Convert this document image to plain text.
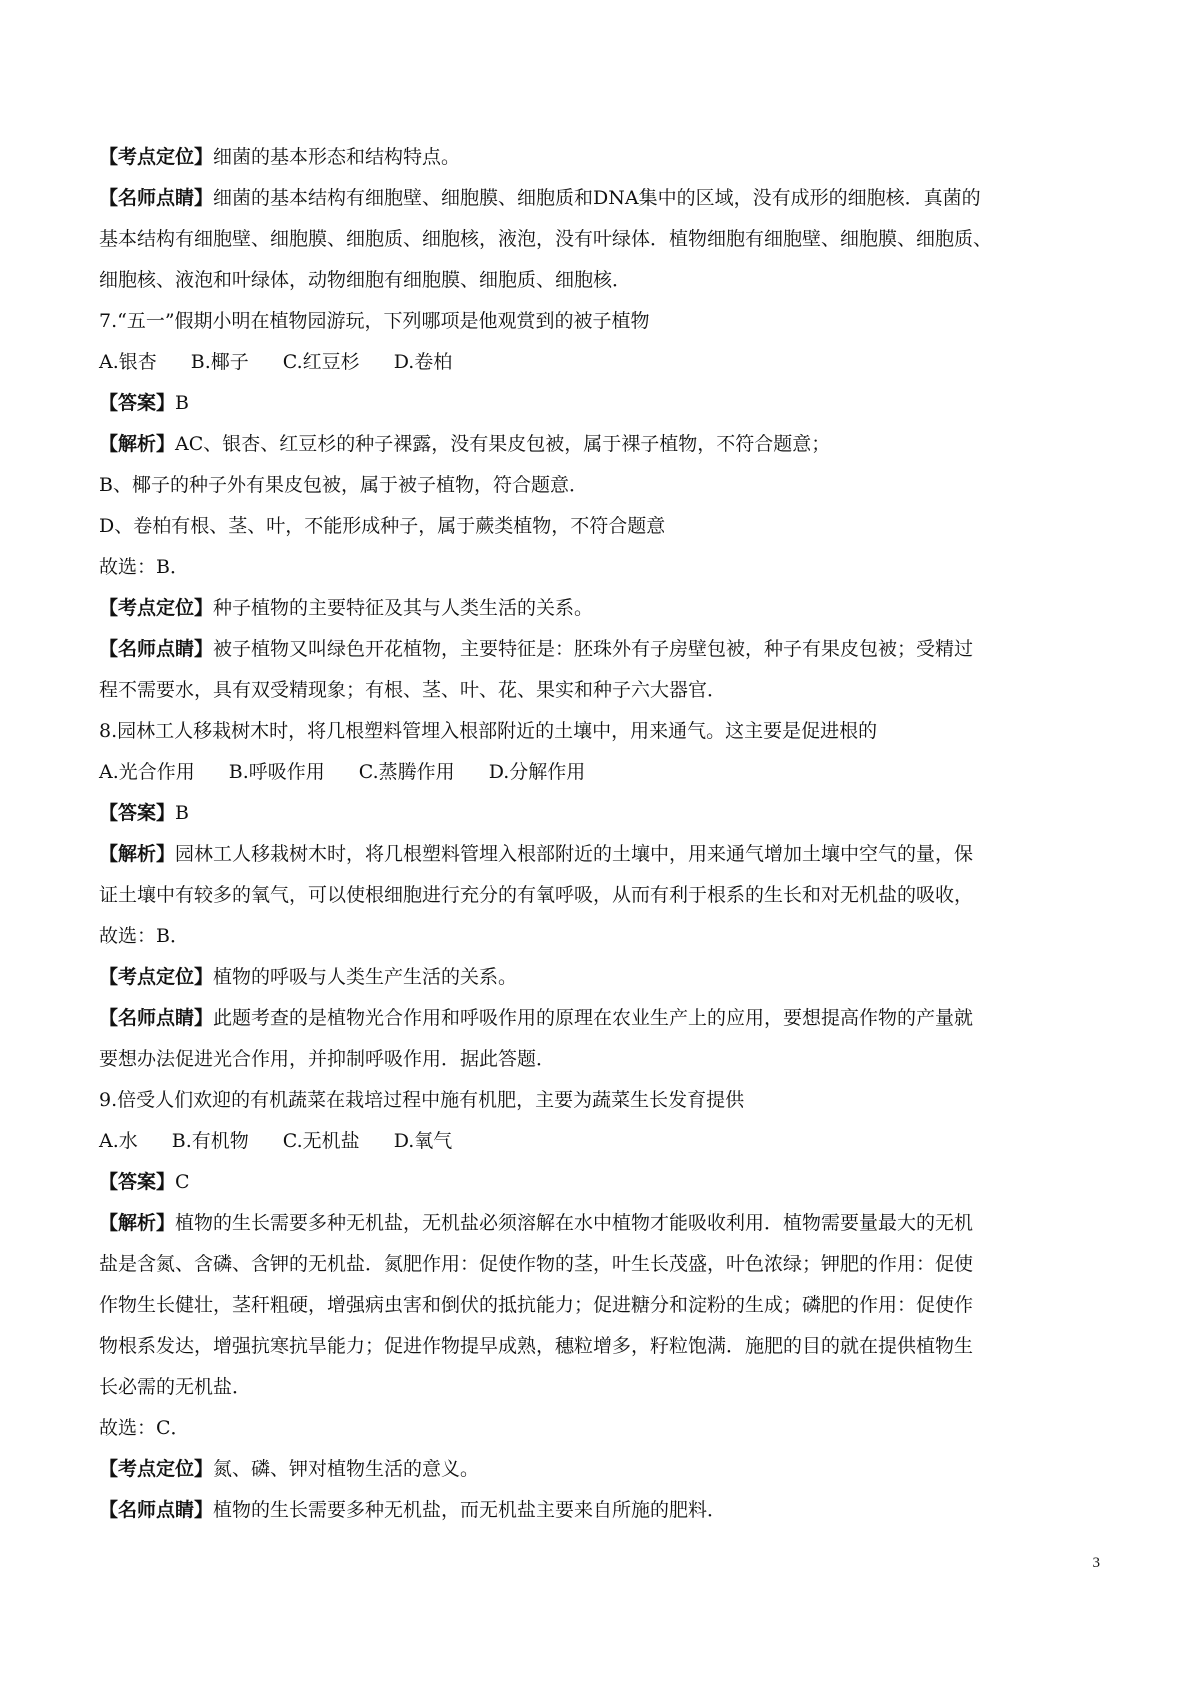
【考点定位】细菌的基本形态和结构特点。
【名师点睛】细菌的基本结构有细胞壁、细胞膜、细胞质和DNA集中的区域，没有成形的细胞核．真菌的
基本结构有细胞壁、细胞膜、细胞质、细胞核，液泡，没有叶绿体．植物细胞有细胞壁、细胞膜、细胞质、
细胞核、液泡和叶绿体，动物细胞有细胞膜、细胞质、细胞核．
7.“五一”假期小明在植物园游玩，下列哪项是他观赏到的被子植物
A.银杏 B.椰子 C.红豆杉 D.卷柏
【答案】B
【解析】AC、银杏、红豆杉的种子裸露，没有果皮包被，属于裸子植物，不符合题意；
B、椰子的种子外有果皮包被，属于被子植物，符合题意．
D、卷柏有根、茎、叶，不能形成种子，属于蕨类植物，不符合题意
故选：B．
【考点定位】种子植物的主要特征及其与人类生活的关系。
【名师点睛】被子植物又叫绿色开花植物，主要特征是：胚珠外有子房壁包被，种子有果皮包被；受精过
程不需要水，具有双受精现象；有根、茎、叶、花、果实和种子六大器官．
8.园林工人移栽树木时，将几根塑料管埋入根部附近的土壤中，用来通气。这主要是促进根的
A.光合作用 B.呼吸作用 C.蒸腾作用 D.分解作用
【答案】B
【解析】园林工人移栽树木时，将几根塑料管埋入根部附近的土壤中，用来通气增加土壤中空气的量，保
证土壤中有较多的氧气，可以使根细胞进行充分的有氧呼吸，从而有利于根系的生长和对无机盐的吸收，
故选：B．
【考点定位】植物的呼吸与人类生产生活的关系。
【名师点睛】此题考查的是植物光合作用和呼吸作用的原理在农业生产上的应用，要想提高作物的产量就
要想办法促进光合作用，并抑制呼吸作用．据此答题．
9.倍受人们欢迎的有机蔬菜在栽培过程中施有机肥，主要为蔬菜生长发育提供
A.水 B.有机物 C.无机盐 D.氧气
【答案】C
【解析】植物的生长需要多种无机盐，无机盐必须溶解在水中植物才能吸收利用．植物需要量最大的无机
盐是含氮、含磷、含钾的无机盐．氮肥作用：促使作物的茎，叶生长茂盛，叶色浓绿；钾肥的作用：促使
作物生长健壮，茎秆粗硬，增强病虫害和倒伏的抵抗能力；促进糖分和淀粉的生成；磷肥的作用：促使作
物根系发达，增强抗寒抗旱能力；促进作物提早成熟，穗粒增多，籽粒饱满．施肥的目的就在提供植物生
长必需的无机盐．
故选：C．
【考点定位】氮、磷、钾对植物生活的意义。
【名师点睛】植物的生长需要多种无机盐，而无机盐主要来自所施的肥料．
3
